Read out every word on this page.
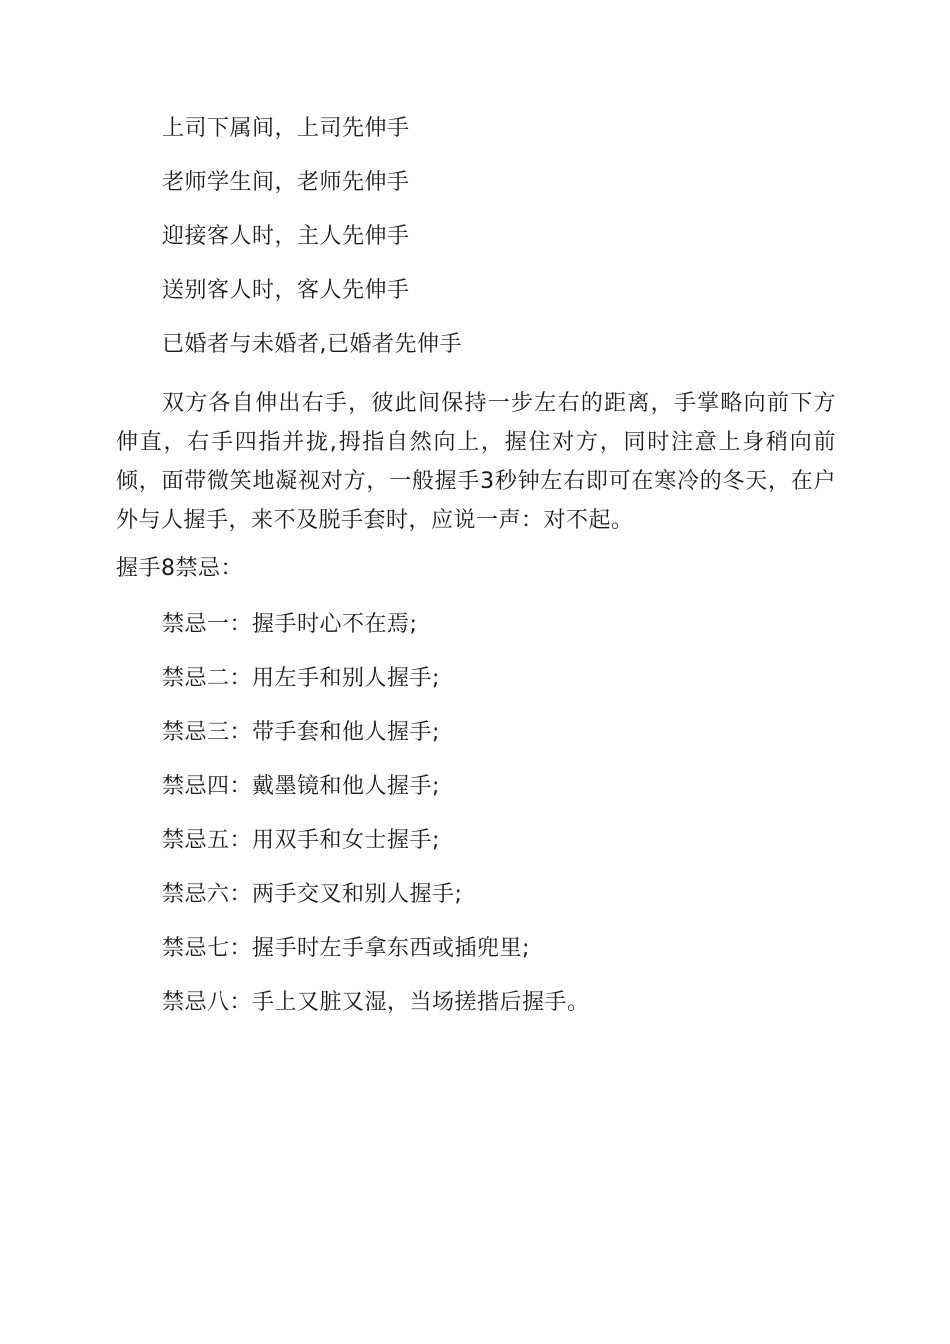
上司下属间，上司先伸手
老师学生间，老师先伸手
迎接客人时，主人先伸手
送别客人时，客人先伸手
已婚者与未婚者,已婚者先伸手
双方各自伸出右手，彼此间保持一步左右的距离，手掌略向前下方伸直，右手四指并拢,拇指自然向上，握住对方，同时注意上身稍向前倾，面带微笑地凝视对方，一般握手3秒钟左右即可在寒冷的冬天，在户外与人握手，来不及脱手套时，应说一声：对不起。
握手8禁忌：
禁忌一：握手时心不在焉;
禁忌二：用左手和别人握手;
禁忌三：带手套和他人握手;
禁忌四：戴墨镜和他人握手;
禁忌五：用双手和女士握手;
禁忌六：两手交叉和别人握手;
禁忌七：握手时左手拿东西或插兜里;
禁忌八：手上又脏又湿，当场搓揩后握手。
